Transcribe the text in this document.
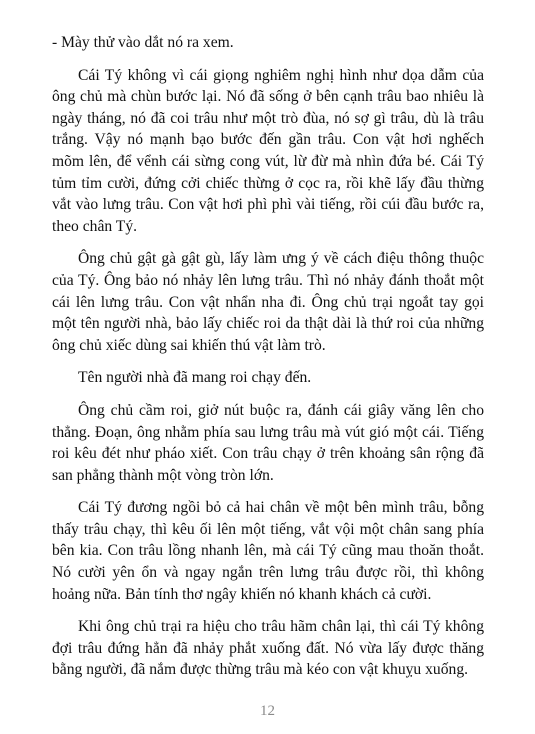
- Mày thử vào dắt nó ra xem.

Cái Tý không vì cái giọng nghiêm nghị hình như dọa dẫm của ông chủ mà chùn bước lại. Nó đã sống ở bên cạnh trâu bao nhiêu là ngày tháng, nó đã coi trâu như một trò đùa, nó sợ gì trâu, dù là trâu trắng. Vậy nó mạnh bạo bước đến gần trâu. Con vật hơi nghếch mõm lên, để vểnh cái sừng cong vút, lừ đừ mà nhìn đứa bé. Cái Tý tủm tỉm cười, đứng cởi chiếc thừng ở cọc ra, rồi khẽ lấy đầu thừng vắt vào lưng trâu. Con vật hơi phì phì vài tiếng, rồi cúi đầu bước ra, theo chân Tý.

Ông chủ gật gà gật gù, lấy làm ưng ý về cách điệu thông thuộc của Tý. Ông bảo nó nhảy lên lưng trâu. Thì nó nhảy đánh thoắt một cái lên lưng trâu. Con vật nhẩn nha đi. Ông chủ trại ngoắt tay gọi một tên người nhà, bảo lấy chiếc roi da thật dài là thứ roi của những ông chủ xiếc dùng sai khiến thú vật làm trò.

Tên người nhà đã mang roi chạy đến.

Ông chủ cầm roi, giở nút buộc ra, đánh cái giây văng lên cho thẳng. Đoạn, ông nhằm phía sau lưng trâu mà vút gió một cái. Tiếng roi kêu đét như pháo xiết. Con trâu chạy ở trên khoảng sân rộng đã san phẳng thành một vòng tròn lớn.

Cái Tý đương ngồi bỏ cả hai chân về một bên mình trâu, bỗng thấy trâu chạy, thì kêu ối lên một tiếng, vắt vội một chân sang phía bên kia. Con trâu lồng nhanh lên, mà cái Tý cũng mau thoăn thoắt. Nó cười yên ổn và ngay ngắn trên lưng trâu được rồi, thì không hoảng nữa. Bản tính thơ ngây khiến nó khanh khách cả cười.

Khi ông chủ trại ra hiệu cho trâu hãm chân lại, thì cái Tý không đợi trâu đứng hẳn đã nhảy phắt xuống đất. Nó vừa lấy được thăng bằng người, đã nắm được thừng trâu mà kéo con vật khuỵu xuống.

12
